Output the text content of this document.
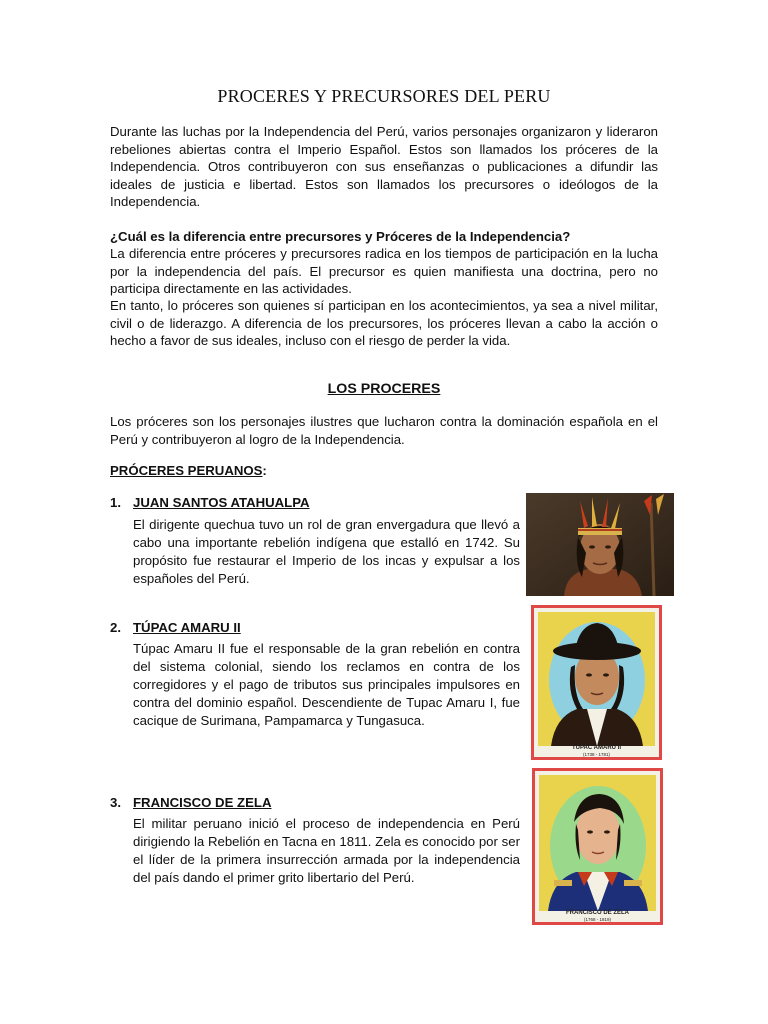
PROCERES Y PRECURSORES DEL PERU
Durante las luchas por la Independencia del Perú, varios personajes organizaron y lideraron rebeliones abiertas contra el Imperio Español. Estos son llamados los próceres de la Independencia. Otros contribuyeron con sus enseñanzas o publicaciones a difundir las ideales de justicia e libertad. Estos son llamados los precursores o ideólogos de la Independencia.
¿Cuál es la diferencia entre precursores y Próceres de la Independencia?
La diferencia entre próceres y precursores radica en los tiempos de participación en la lucha por la independencia del país. El precursor es quien manifiesta una doctrina, pero no participa directamente en las actividades.
En tanto, lo próceres son quienes sí participan en los acontecimientos, ya sea a nivel militar, civil o de liderazgo. A diferencia de los precursores, los próceres llevan a cabo la acción o hecho a favor de sus ideales, incluso con el riesgo de perder la vida.
LOS PROCERES
Los próceres son los personajes ilustres que lucharon contra la dominación española en el Perú y contribuyeron al logro de la Independencia.
PRÓCERES PERUANOS:
1. JUAN SANTOS ATAHUALPA
El dirigente quechua tuvo un rol de gran envergadura que llevó a cabo una importante rebelión indígena que estalló en 1742. Su propósito fue restaurar el Imperio de los incas y expulsar a los españoles del Perú.
2. TÚPAC AMARU II
Túpac Amaru II fue el responsable de la gran rebelión en contra del sistema colonial, siendo los reclamos en contra de los corregidores y el pago de tributos sus principales impulsores en contra del dominio español. Descendiente de Tupac Amaru I, fue cacique de Surimana, Pampamarca y Tungasuca.
TÚPAC AMARU II
(1738 - 1781)
3. FRANCISCO DE ZELA
El militar peruano inició el proceso de independencia en Perú dirigiendo la Rebelión en Tacna en 1811. Zela es conocido por ser el líder de la primera insurrección armada por la independencia del país dando el primer grito libertario del Perú.
FRANCISCO DE ZELA
(1768 - 1819)
